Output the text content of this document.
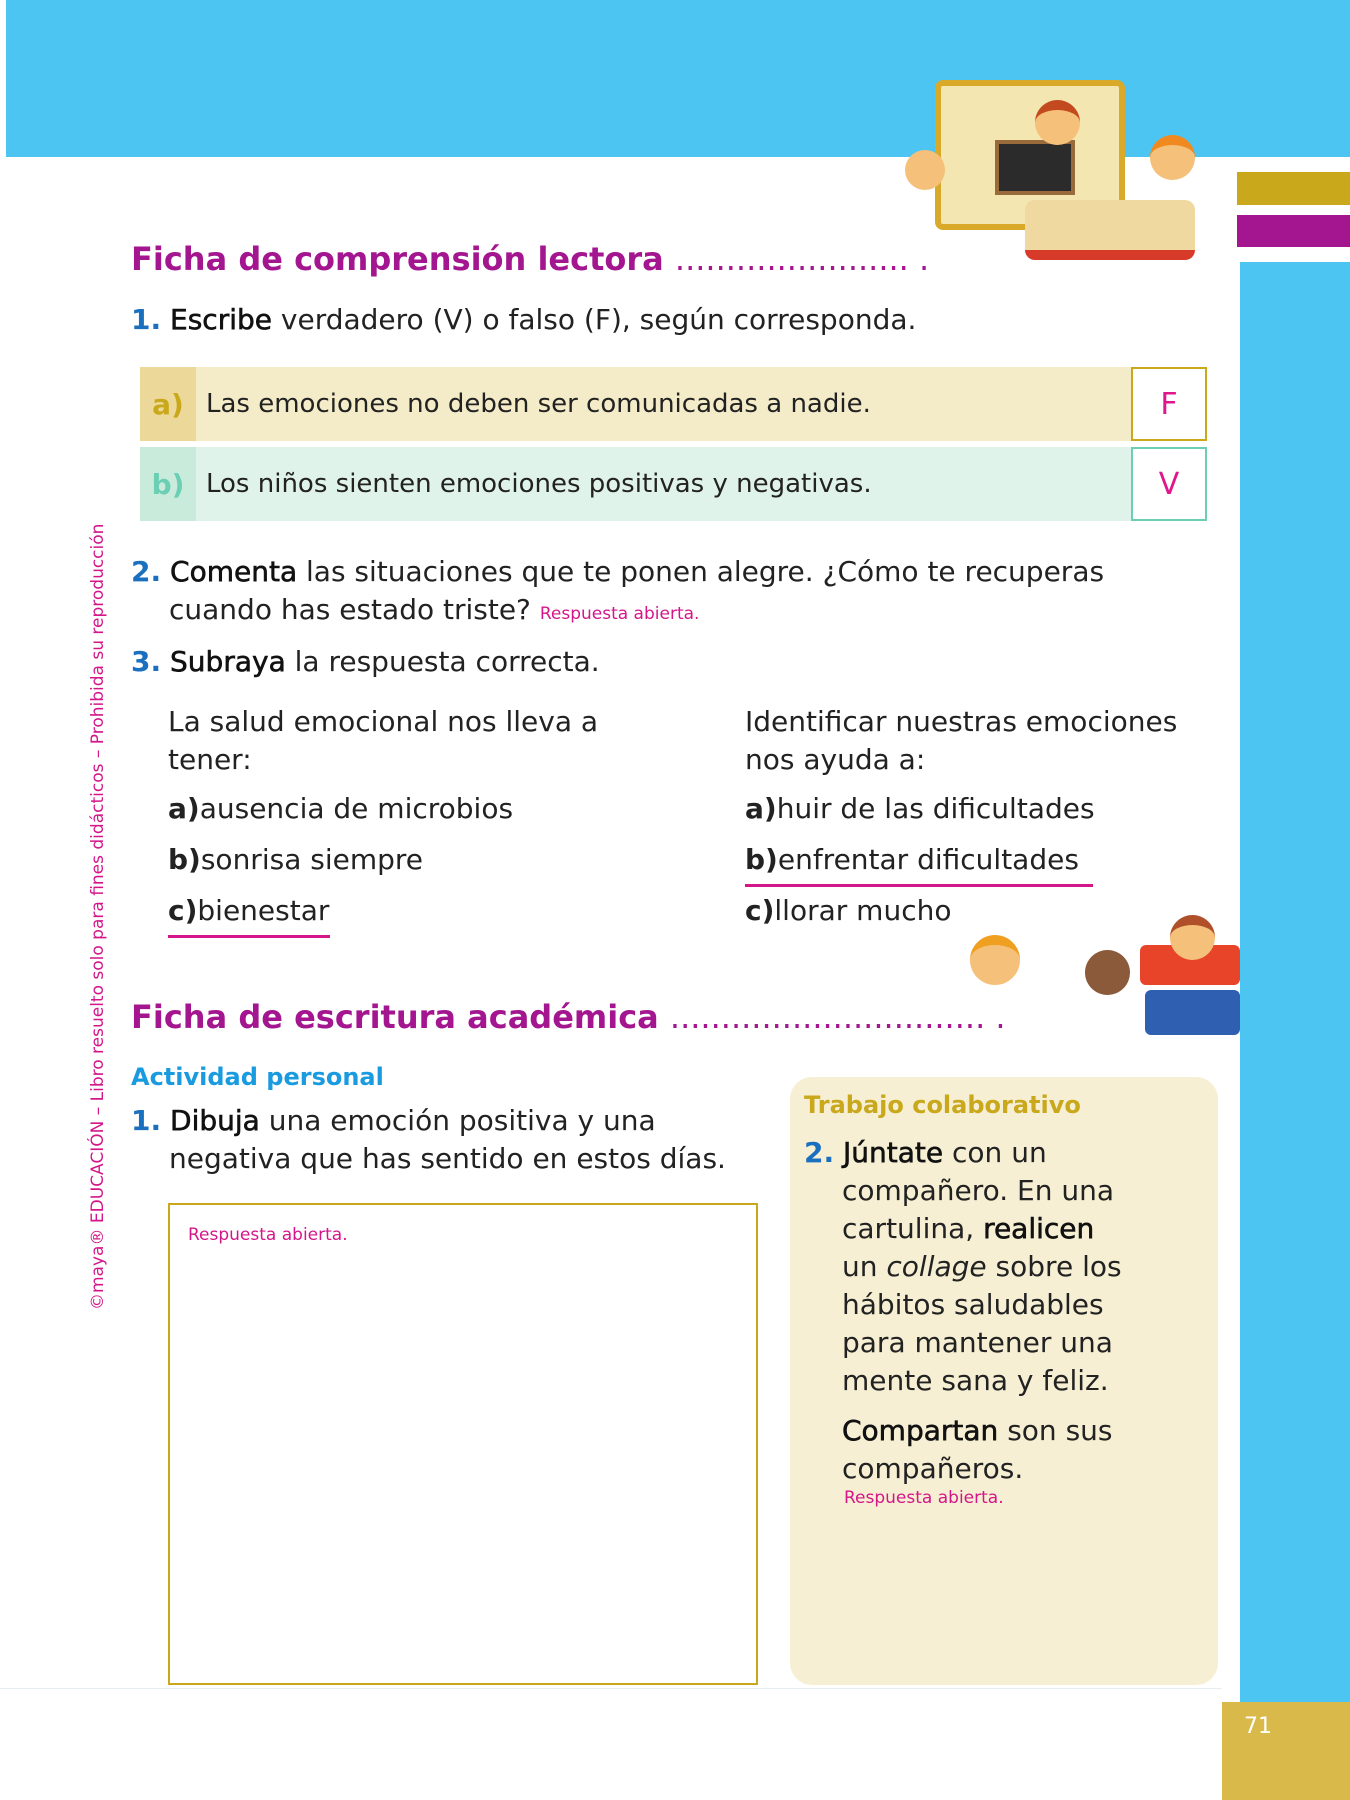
71
Ficha de comprensión lectora ....................... .
1. Escribe verdadero (V) o falso (F), según corresponda.
a) Las emociones no deben ser comunicadas a nadie.	F
b) Los niños sienten emociones positivas y negativas.	V
2. Comenta las situaciones que te ponen alegre. ¿Cómo te recuperas
cuando has estado triste? Respuesta abierta.
3. Subraya la respuesta correcta.
La salud emocional nos lleva a
tener:
a)ausencia de microbios
b)sonrisa siempre
c)bienestar
Identificar nuestras emociones
nos ayuda a:
a)huir de las dificultades
b)enfrentar dificultades
c)llorar mucho
Ficha de escritura académica ............................... .
Actividad personal
1. Dibuja una emoción positiva y una
negativa que has sentido en estos días.
Respuesta abierta.
Trabajo colaborativo
2. Júntate con un
compañero. En una
cartulina, realicen
un collage sobre los
hábitos saludables
para mantener una
mente sana y feliz.
Compartan son sus
compañeros.
Respuesta abierta.
©maya® EDUCACIÓN – Libro resuelto solo para fines didácticos – Prohibida su reproducción
